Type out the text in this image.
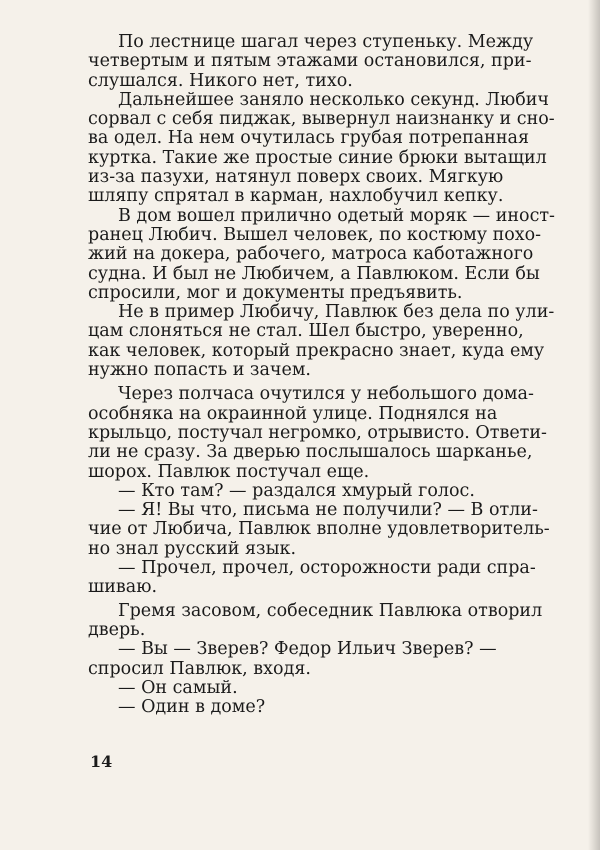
По лестнице шагал через ступеньку. Между
четвертым и пятым этажами остановился, при-
слушался. Никого нет, тихо.
Дальнейшее заняло несколько секунд. Любич
сорвал с себя пиджак, вывернул наизнанку и сно-
ва одел. На нем очутилась грубая потрепанная
куртка. Такие же простые синие брюки вытащил
из-за пазухи, натянул поверх своих. Мягкую
шляпу спрятал в карман, нахлобучил кепку.
В дом вошел прилично одетый моряк — иност-
ранец Любич. Вышел человек, по костюму похо-
жий на докера, рабочего, матроса каботажного
судна. И был не Любичем, а Павлюком. Если бы
спросили, мог и документы предъявить.
Не в пример Любичу, Павлюк без дела по ули-
цам слоняться не стал. Шел быстро, уверенно,
как человек, который прекрасно знает, куда ему
нужно попасть и зачем.
Через полчаса очутился у небольшого дома-
особняка на окраинной улице. Поднялся на
крыльцо, постучал негромко, отрывисто. Ответи-
ли не сразу. За дверью послышалось шарканье,
шорох. Павлюк постучал еще.
— Кто там? — раздался хмурый голос.
— Я! Вы что, письма не получили? — В отли-
чие от Любича, Павлюк вполне удовлетворитель-
но знал русский язык.
— Прочел, прочел, осторожности ради спра-
шиваю.
Гремя засовом, собеседник Павлюка отворил
дверь.
— Вы — Зверев? Федор Ильич Зверев? —
спросил Павлюк, входя.
— Он самый.
— Один в доме?
14
